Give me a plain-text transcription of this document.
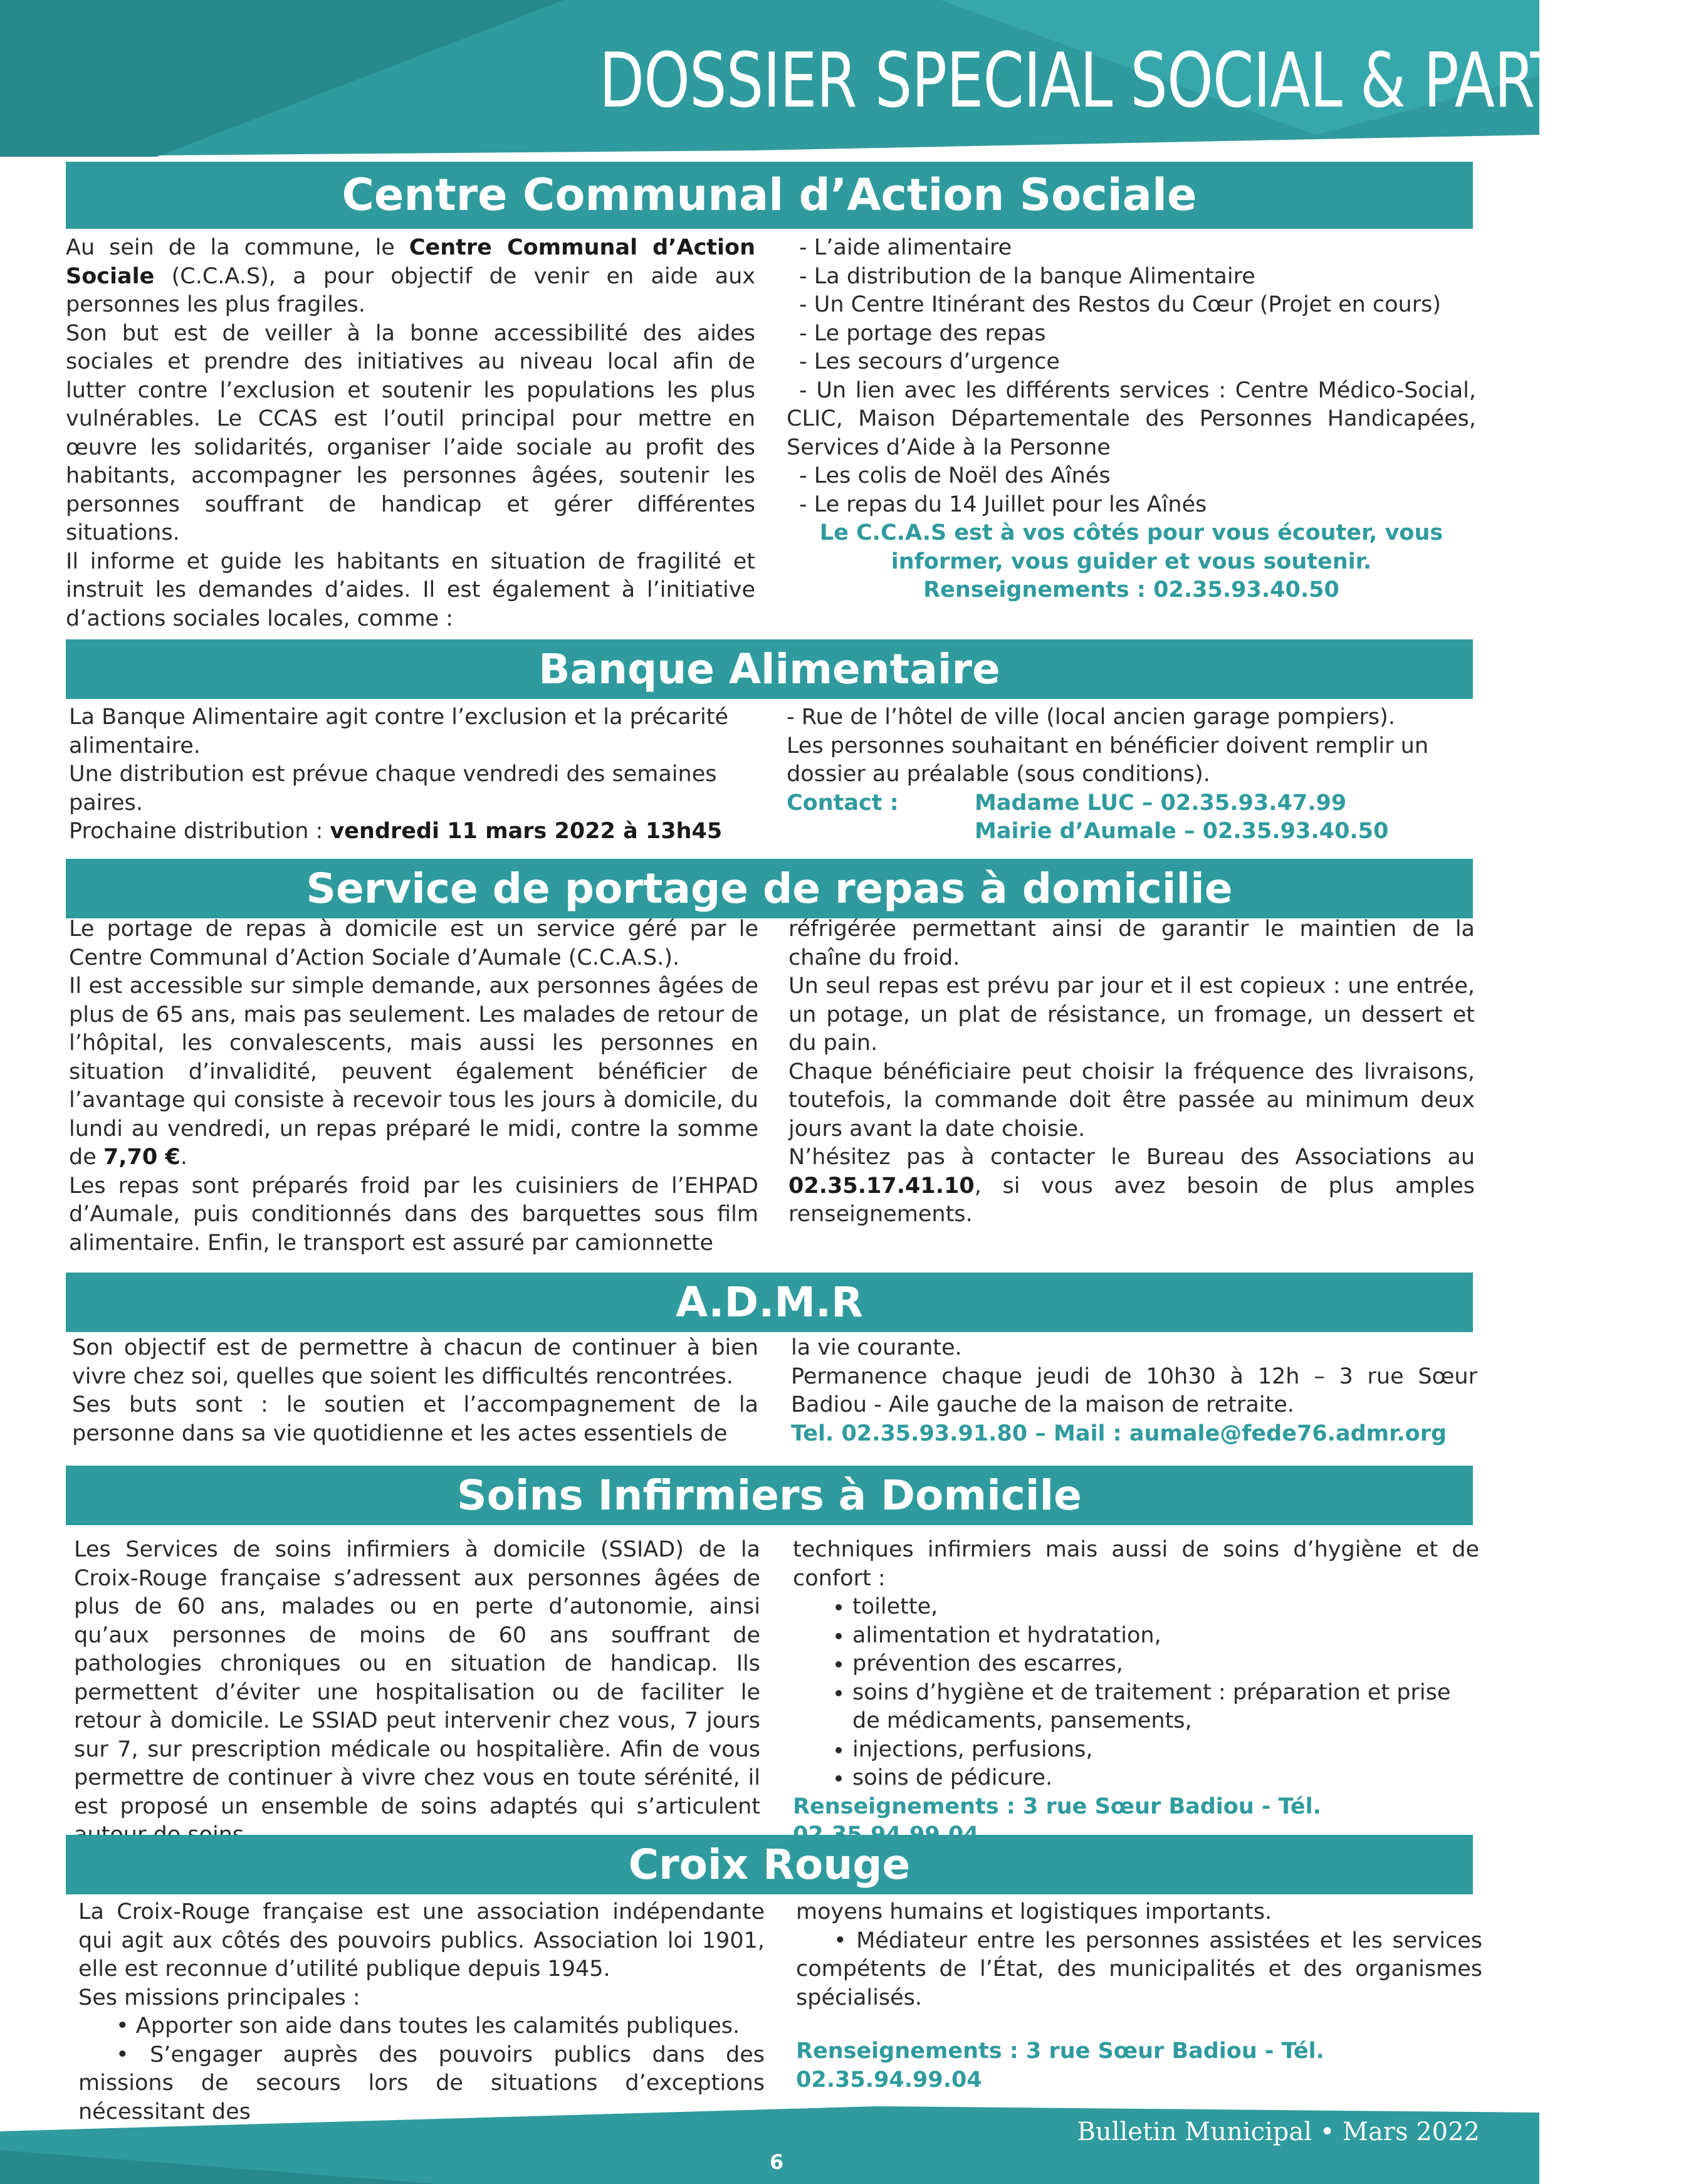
DOSSIER SPECIAL SOCIAL & PARTAGE
Centre Communal d’Action Sociale

Au sein de la commune, le Centre Communal d’Action Sociale (C.C.A.S), a pour objectif de venir en aide aux personnes les plus fragiles.

Son but est de veiller à la bonne accessibilité des aides sociales et prendre des initiatives au niveau local afin de lutter contre l’exclusion et soutenir les populations les plus vulnérables. Le CCAS est l’outil principal pour mettre en œuvre les solidarités, organiser l’aide sociale au profit des habitants, accompagner les personnes âgées, soutenir les personnes souffrant de handicap et gérer différentes situations.

Il informe et guide les habitants en situation de fragilité et instruit les demandes d’aides. Il est également à l’initiative d’actions sociales locales, comme :

- L’aide alimentaire

- La distribution de la banque Alimentaire

- Un Centre Itinérant des Restos du Cœur (Projet en cours)

- Le portage des repas

- Les secours d’urgence

- Un lien avec les différents services : Centre Médico-Social, CLIC, Maison Départementale des Personnes Handicapées, Services d’Aide à la Personne

- Les colis de Noël des Aînés

- Le repas du 14 Juillet pour les Aînés

Le C.C.A.S est à vos côtés pour vous écouter, vous informer, vous guider et vous soutenir.

Renseignements : 02.35.93.40.50

Banque Alimentaire

La Banque Alimentaire agit contre l’exclusion et la précarité alimentaire.

Une distribution est prévue chaque vendredi des semaines paires.

Prochaine distribution : vendredi 11 mars 2022 à 13h45

- Rue de l’hôtel de ville (local ancien garage pompiers).

Les personnes souhaitant en bénéficier doivent remplir un dossier au préalable (sous conditions).

Contact :	Madame LUC – 02.35.93.47.99
Mairie d’Aumale – 02.35.93.40.50
Service de portage de repas à domicilie

Le portage de repas à domicile est un service géré par le Centre Communal d’Action Sociale d’Aumale (C.C.A.S.).

Il est accessible sur simple demande, aux personnes âgées de plus de 65 ans, mais pas seulement. Les malades de retour de l’hôpital, les convalescents, mais aussi les personnes en situation d’invalidité, peuvent également bénéficier de l’avantage qui consiste à recevoir tous les jours à domicile, du lundi au vendredi, un repas préparé le midi, contre la somme de 7,70 €.

Les repas sont préparés froid par les cuisiniers de l’EHPAD d’Aumale, puis conditionnés dans des barquettes sous film alimentaire. Enfin, le transport est assuré par camionnette

réfrigérée permettant ainsi de garantir le maintien de la chaîne du froid.

Un seul repas est prévu par jour et il est copieux : une entrée, un potage, un plat de résistance, un fromage, un dessert et du pain.

Chaque bénéficiaire peut choisir la fréquence des livraisons, toutefois, la commande doit être passée au minimum deux jours avant la date choisie.

N’hésitez pas à contacter le Bureau des Associations au 02.35.17.41.10, si vous avez besoin de plus amples renseignements.

A.D.M.R

Son objectif est de permettre à chacun de continuer à bien vivre chez soi, quelles que soient les difficultés rencontrées.

Ses buts sont : le soutien et l’accompagnement de la personne dans sa vie quotidienne et les actes essentiels de

la vie courante.

Permanence chaque jeudi de 10h30 à 12h – 3 rue Sœur Badiou - Aile gauche de la maison de retraite.

Tel. 02.35.93.91.80 – Mail : aumale@fede76.admr.org

Soins Infirmiers à Domicile

Les Services de soins infirmiers à domicile (SSIAD) de la Croix-Rouge française s’adressent aux personnes âgées de plus de 60 ans, malades ou en perte d’autonomie, ainsi qu’aux personnes de moins de 60 ans souffrant de pathologies chroniques ou en situation de handicap. Ils permettent d’éviter une hospitalisation ou de faciliter le retour à domicile. Le SSIAD peut intervenir chez vous, 7 jours sur 7, sur prescription médicale ou hospitalière. Afin de vous permettre de continuer à vivre chez vous en toute sérénité, il est proposé un ensemble de soins adaptés qui s’articulent

techniques infirmiers mais aussi de soins d’hygiène et de confort :

• toilette,
• alimentation et hydratation,
• prévention des escarres,
• soins d’hygiène et de traitement : préparation et prise de médicaments, pansements,
• injections, perfusions,
• soins de pédicure.

Renseignements : 3 rue Sœur Badiou - Tél.

Croix Rouge

La Croix-Rouge française est une association indépendante qui agit aux côtés des pouvoirs publics. Association loi 1901, elle est reconnue d’utilité publique depuis 1945.

Ses missions principales :

• Apporter son aide dans toutes les calamités publiques.

• S’engager auprès des pouvoirs publics dans des missions de secours lors de situations d’exceptions nécessitant des

moyens humains et logistiques importants.

• Médiateur entre les personnes assistées et les services compétents de l’État, des municipalités et des organismes spécialisés.

Renseignements : 3 rue Sœur Badiou - Tél. 02.35.94.99.04

Bulletin Municipal • Mars 2022
6
